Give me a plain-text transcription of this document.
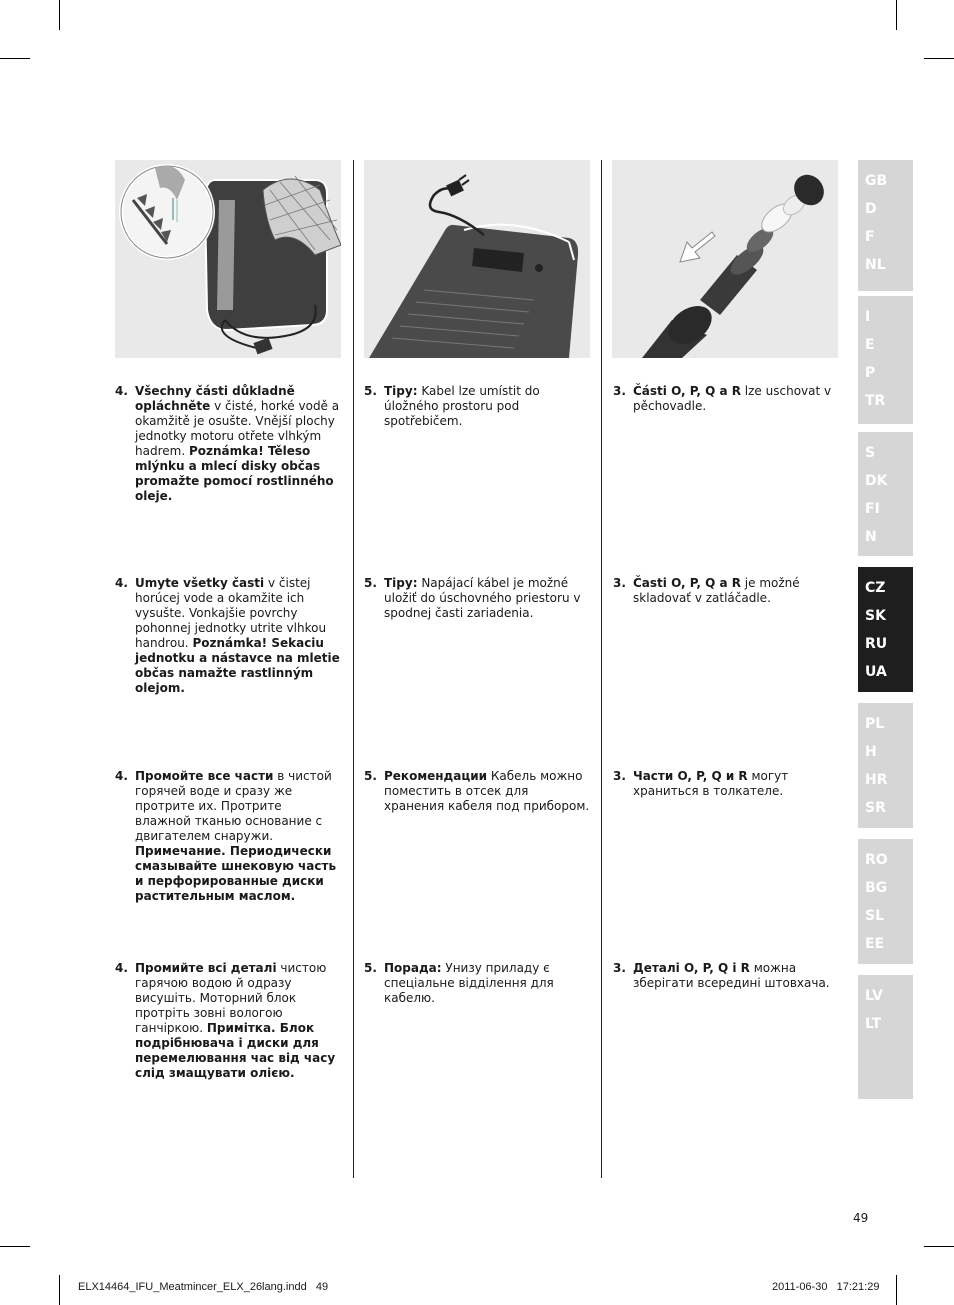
4. Všechny části důkladně opláchněte v čisté, horké vodě a okamžitě je osušte. Vnější plochy jednotky motoru otřete vlhkým hadrem. Poznámka! Těleso mlýnku a mlecí disky občas promažte pomocí rostlinného oleje.
4. Umyte všetky časti v čistej horúcej vode a okamžite ich vysušte. Vonkajšie povrchy pohonnej jednotky utrite vlhkou handrou. Poznámka! Sekaciu jednotku a nástavce na mletie občas namažte rastlinným olejom.
4. Промойте все части в чистой горячей воде и сразу же протрите их. Протрите влажной тканью основание с двигателем снаружи. Примечание. Периодически смазывайте шнековую часть и перфорированные диски растительным маслом.
4. Промийте всі деталі чистою гарячою водою й одразу висушіть. Моторний блок протріть зовні вологою ганчіркою. Примітка. Блок подрібнювача і диски для перемелювання час від часу слід змащувати олією.
5. Tipy: Kabel lze umístit do úložného prostoru pod spotřebičem.
5. Tipy: Napájací kábel je možné uložiť do úschovného priestoru v spodnej časti zariadenia.
5. Рекомендации Кабель можно поместить в отсек для хранения кабеля под прибором.
5. Порада: Унизу приладу є спеціальне відділення для кабелю.
3. Části O, P, Q a R lze uschovat v pěchovadle.
3. Časti O, P, Q a R je možné skladovať v zatláčadle.
3. Части O, P, Q и R могут храниться в толкателе.
3. Деталі O, P, Q i R можна зберігати всередині штовхача.
GB
D
F
NL
I
E
P
TR
S
DK
FI
N
CZ
SK
RU
UA
PL
H
HR
SR
RO
BG
SL
EE
LV
LT
49
ELX14464_IFU_Meatmincer_ELX_26lang.indd   49	2011-06-30   17:21:29
